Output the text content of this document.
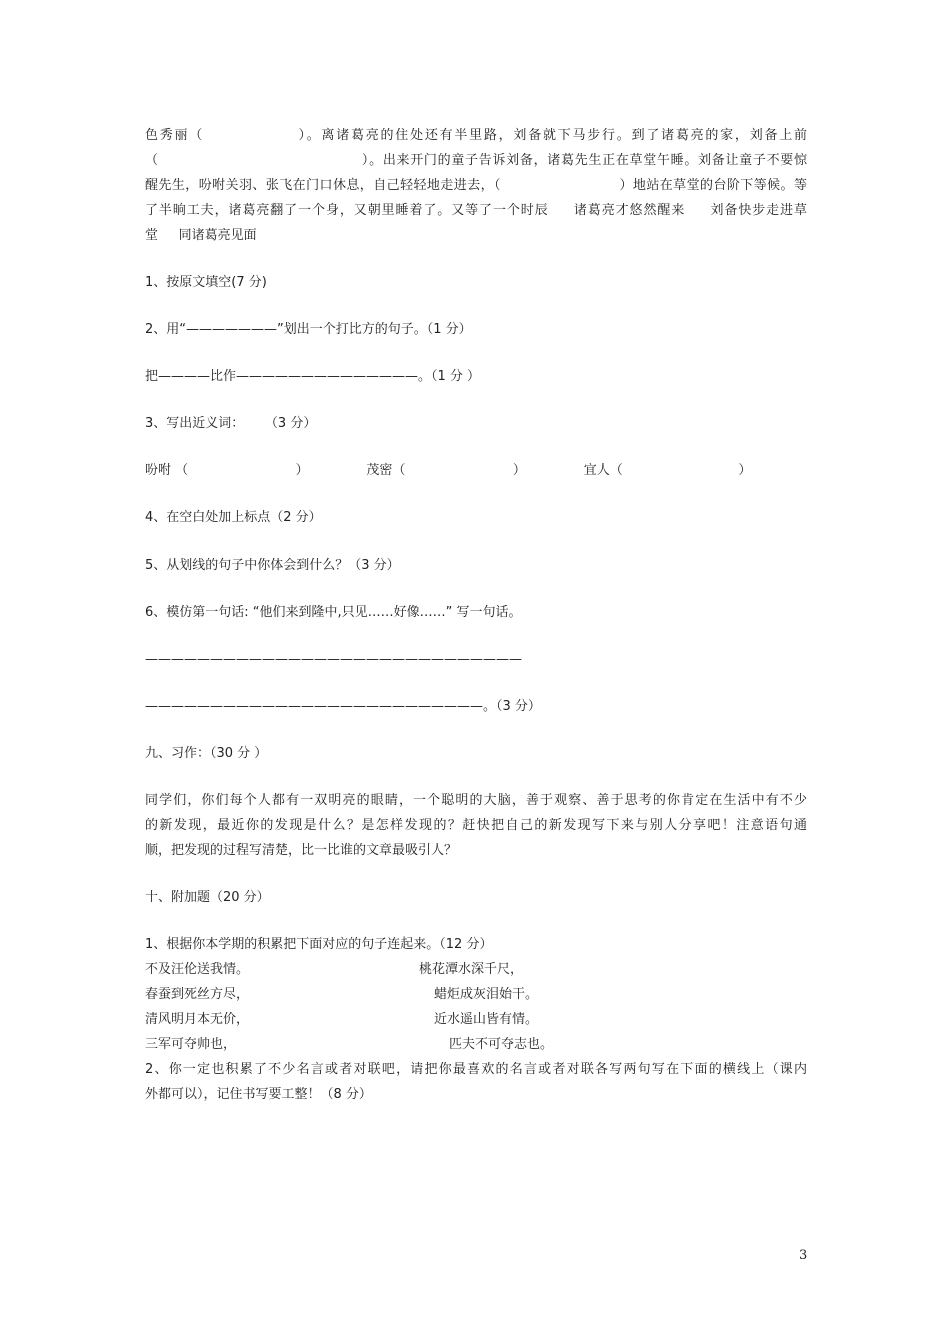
色秀丽（                ）。离诸葛亮的住处还有半里路，刘备就下马步行。到了诸葛亮的家，刘备上前
（                                          ）。出来开门的童子告诉刘备，诸葛先生正在草堂午睡。刘备让童子不要惊
醒先生，吩咐关羽、张飞在门口休息，自己轻轻地走进去，（                          ）地站在草堂的台阶下等候。等
了半晌工夫，诸葛亮翻了一个身，又朝里睡着了。又等了一个时辰     诸葛亮才悠然醒来     刘备快步走进草
堂     同诸葛亮见面
1、按原文填空(7 分)
2、用“———————”划出一个打比方的句子。（1 分）
把————比作——————————————。（1 分 ）
3、写出近义词：     （3 分）
吩咐 （                          ）              茂密（                          ）              宜人（                            ）
4、在空白处加上标点（2 分）
5、从划线的句子中你体会到什么？（3 分）
6、模仿第一句话: “他们来到隆中,只见……好像……” 写一句话。
—————————————————————————————
——————————————————————————。（3 分）
九、习作：（30 分 ）
同学们，你们每个人都有一双明亮的眼睛，一个聪明的大脑，善于观察、善于思考的你肯定在生活中有不少
的新发现，最近你的发现是什么？是怎样发现的？赶快把自己的新发现写下来与别人分享吧！注意语句通
顺，把发现的过程写清楚，比一比谁的文章最吸引人？
十、附加题（20 分）
1、根据你本学期的积累把下面对应的句子连起来。（12 分）
不及汪伦送我情。	桃花潭水深千尺，
春蚕到死丝方尽，	蜡炬成灰泪始干。
清风明月本无价，	近水遥山皆有情。
三军可夺帅也，	匹夫不可夺志也。
2、你一定也积累了不少名言或者对联吧，请把你最喜欢的名言或者对联各写两句写在下面的横线上（课内
外都可以），记住书写要工整！（8 分）
3
